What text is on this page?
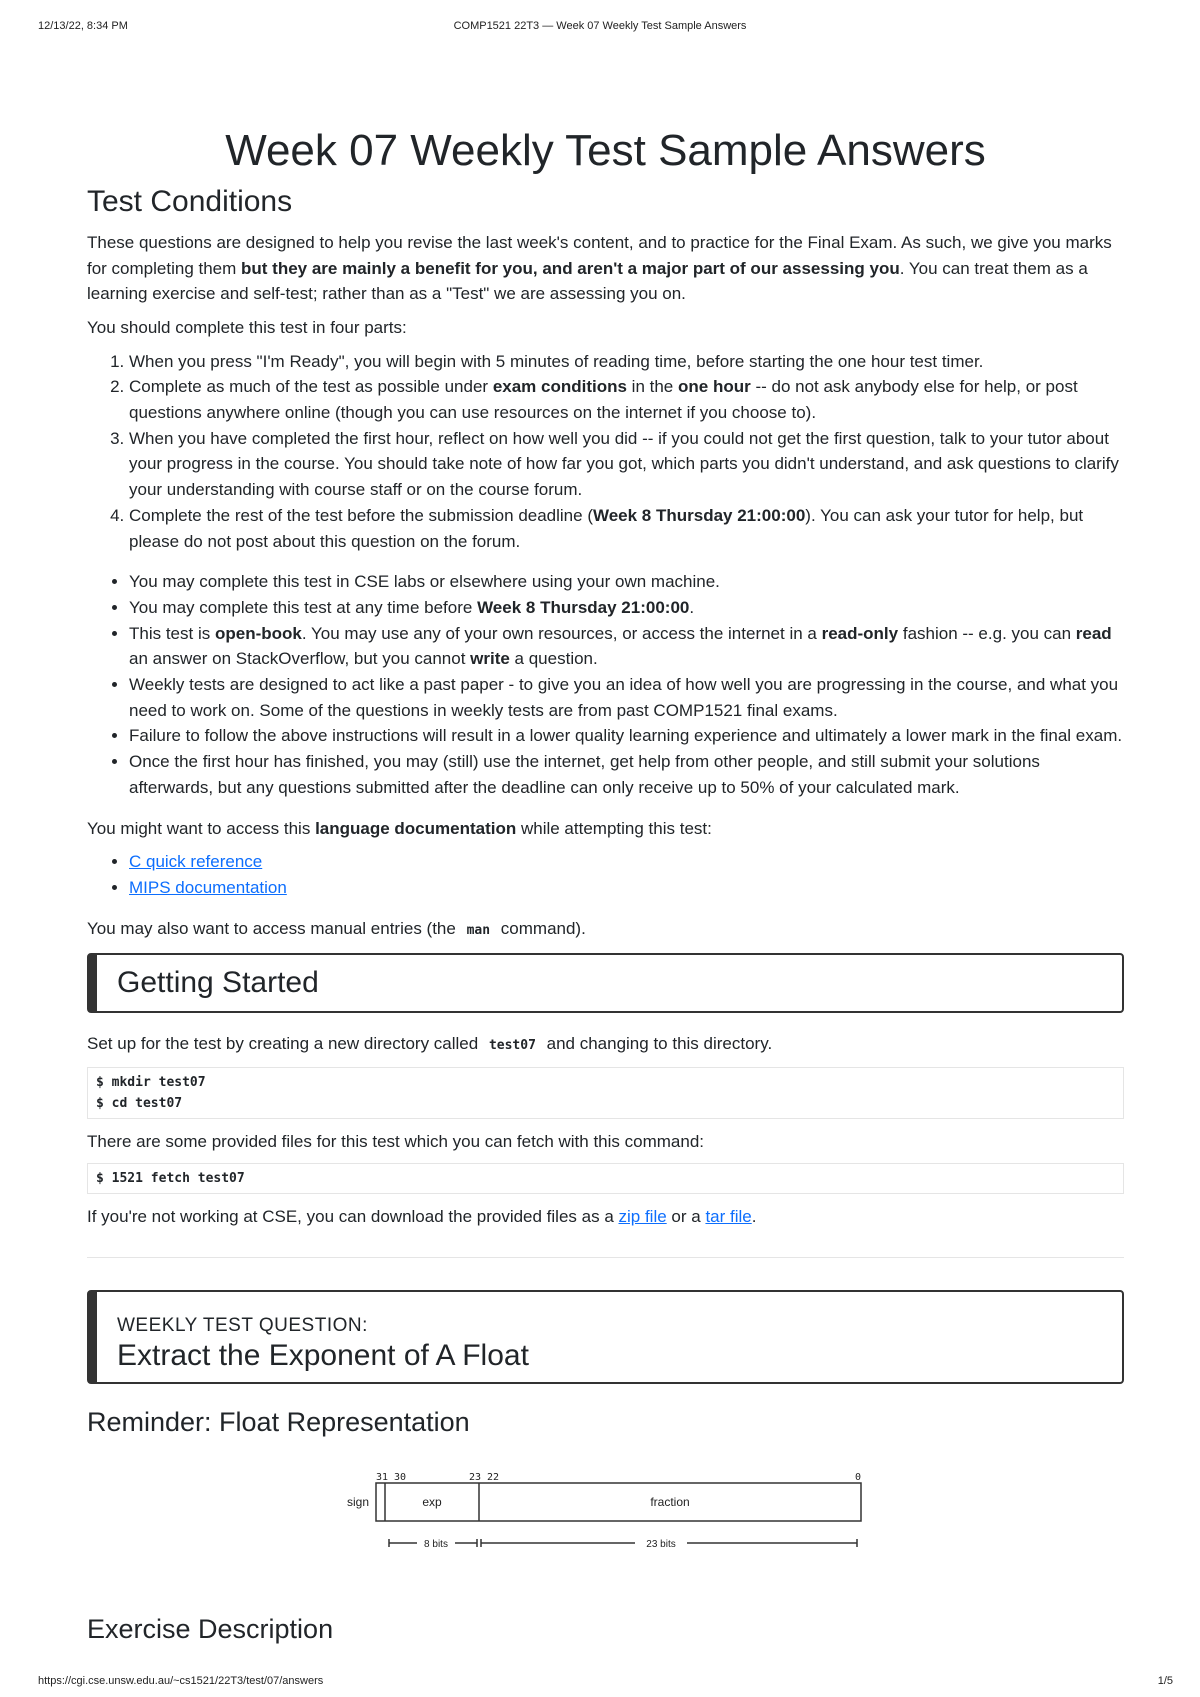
12/13/22, 8:34 PM	COMP1521 22T3 — Week 07 Weekly Test Sample Answers
Week 07 Weekly Test Sample Answers
Test Conditions

These questions are designed to help you revise the last week's content, and to practice for the Final Exam. As such, we give you marks for completing them but they are mainly a benefit for you, and aren't a major part of our assessing you. You can treat them as a learning exercise and self-test; rather than as a "Test" we are assessing you on.

You should complete this test in four parts:

1. When you press "I'm Ready", you will begin with 5 minutes of reading time, before starting the one hour test timer.
2. Complete as much of the test as possible under exam conditions in the one hour -- do not ask anybody else for help, or post questions anywhere online (though you can use resources on the internet if you choose to).
3. When you have completed the first hour, reflect on how well you did -- if you could not get the first question, talk to your tutor about your progress in the course. You should take note of how far you got, which parts you didn't understand, and ask questions to clarify your understanding with course staff or on the course forum.
4. Complete the rest of the test before the submission deadline (Week 8 Thursday 21:00:00). You can ask your tutor for help, but please do not post about this question on the forum.
• You may complete this test in CSE labs or elsewhere using your own machine.
• You may complete this test at any time before Week 8 Thursday 21:00:00.
• This test is open-book. You may use any of your own resources, or access the internet in a read-only fashion -- e.g. you can read an answer on StackOverflow, but you cannot write a question.
• Weekly tests are designed to act like a past paper - to give you an idea of how well you are progressing in the course, and what you need to work on. Some of the questions in weekly tests are from past COMP1521 final exams.
• Failure to follow the above instructions will result in a lower quality learning experience and ultimately a lower mark in the final exam.
• Once the first hour has finished, you may (still) use the internet, get help from other people, and still submit your solutions afterwards, but any questions submitted after the deadline can only receive up to 50% of your calculated mark.

You might want to access this language documentation while attempting this test:

• C quick reference
• MIPS documentation

You may also want to access manual entries (the man command).

Getting Started

Set up for the test by creating a new directory called test07 and changing to this directory.

$ mkdir test07
$ cd test07

There are some provided files for this test which you can fetch with this command:

$ 1521 fetch test07

If you're not working at CSE, you can download the provided files as a zip file or a tar file.

WEEKLY TEST QUESTION:
Extract the Exponent of A Float
Reminder: Float Representation
31 30	23 22	0
sign	exp	fraction
8 bits	23 bits
Exercise Description
https://cgi.cse.unsw.edu.au/~cs1521/22T3/test/07/answers	1/5
